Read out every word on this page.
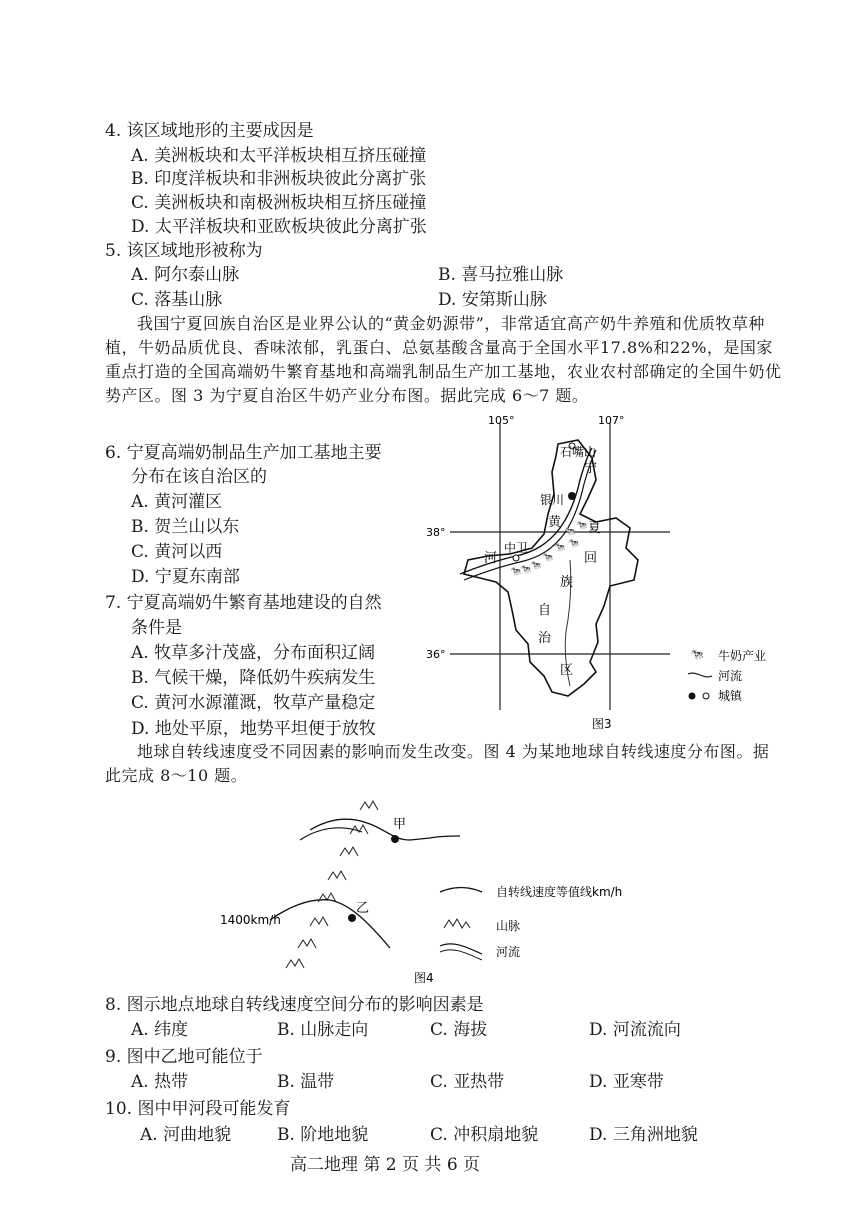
4. 该区域地形的主要成因是
A. 美洲板块和太平洋板块相互挤压碰撞
B. 印度洋板块和非洲板块彼此分离扩张
C. 美洲板块和南极洲板块相互挤压碰撞
D. 太平洋板块和亚欧板块彼此分离扩张
5. 该区域地形被称为
A. 阿尔泰山脉	B. 喜马拉雅山脉
C. 落基山脉	D. 安第斯山脉
我国宁夏回族自治区是业界公认的“黄金奶源带”，非常适宜高产奶牛养殖和优质牧草种植，牛奶品质优良、香味浓郁，乳蛋白、总氨基酸含量高于全国水平17.8%和22%，是国家重点打造的全国高端奶牛繁育基地和高端乳制品生产加工基地，农业农村部确定的全国牛奶优势产区。图 3 为宁夏自治区牛奶产业分布图。据此完成 6～7 题。
6. 宁夏高端奶制品生产加工基地主要
分布在该自治区的
A. 黄河灌区
B. 贺兰山以东
C. 黄河以西
D. 宁夏东南部
7. 宁夏高端奶牛繁育基地建设的自然
条件是
A. 牧草多汁茂盛，分布面积辽阔
B. 气候干燥，降低奶牛疾病发生
C. 黄河水源灌溉，牧草产量稳定
D. 地处平原，地势平坦便于放牧
105°	107°
38°
36°
🐄
🐄
🐄 🐄
🐄
🐄
🐄
🐄
石嘴山
银川
宁
黄
河
中卫
夏
回
族
自
治
区
🐄 牛奶产业
河流
城镇
图3
地球自转线速度受不同因素的影响而发生改变。图 4 为某地地球自转线速度分布图。据此完成 8～10 题。
甲
乙
1400km/h
自转线速度等值线km/h
山脉
河流
图4
8. 图示地点地球自转线速度空间分布的影响因素是
A. 纬度	B. 山脉走向	C. 海拔	D. 河流流向
9. 图中乙地可能位于
A. 热带	B. 温带	C. 亚热带	D. 亚寒带
10. 图中甲河段可能发育
A. 河曲地貌	B. 阶地地貌	C. 冲积扇地貌	D. 三角洲地貌
高二地理 第 2 页 共 6 页
